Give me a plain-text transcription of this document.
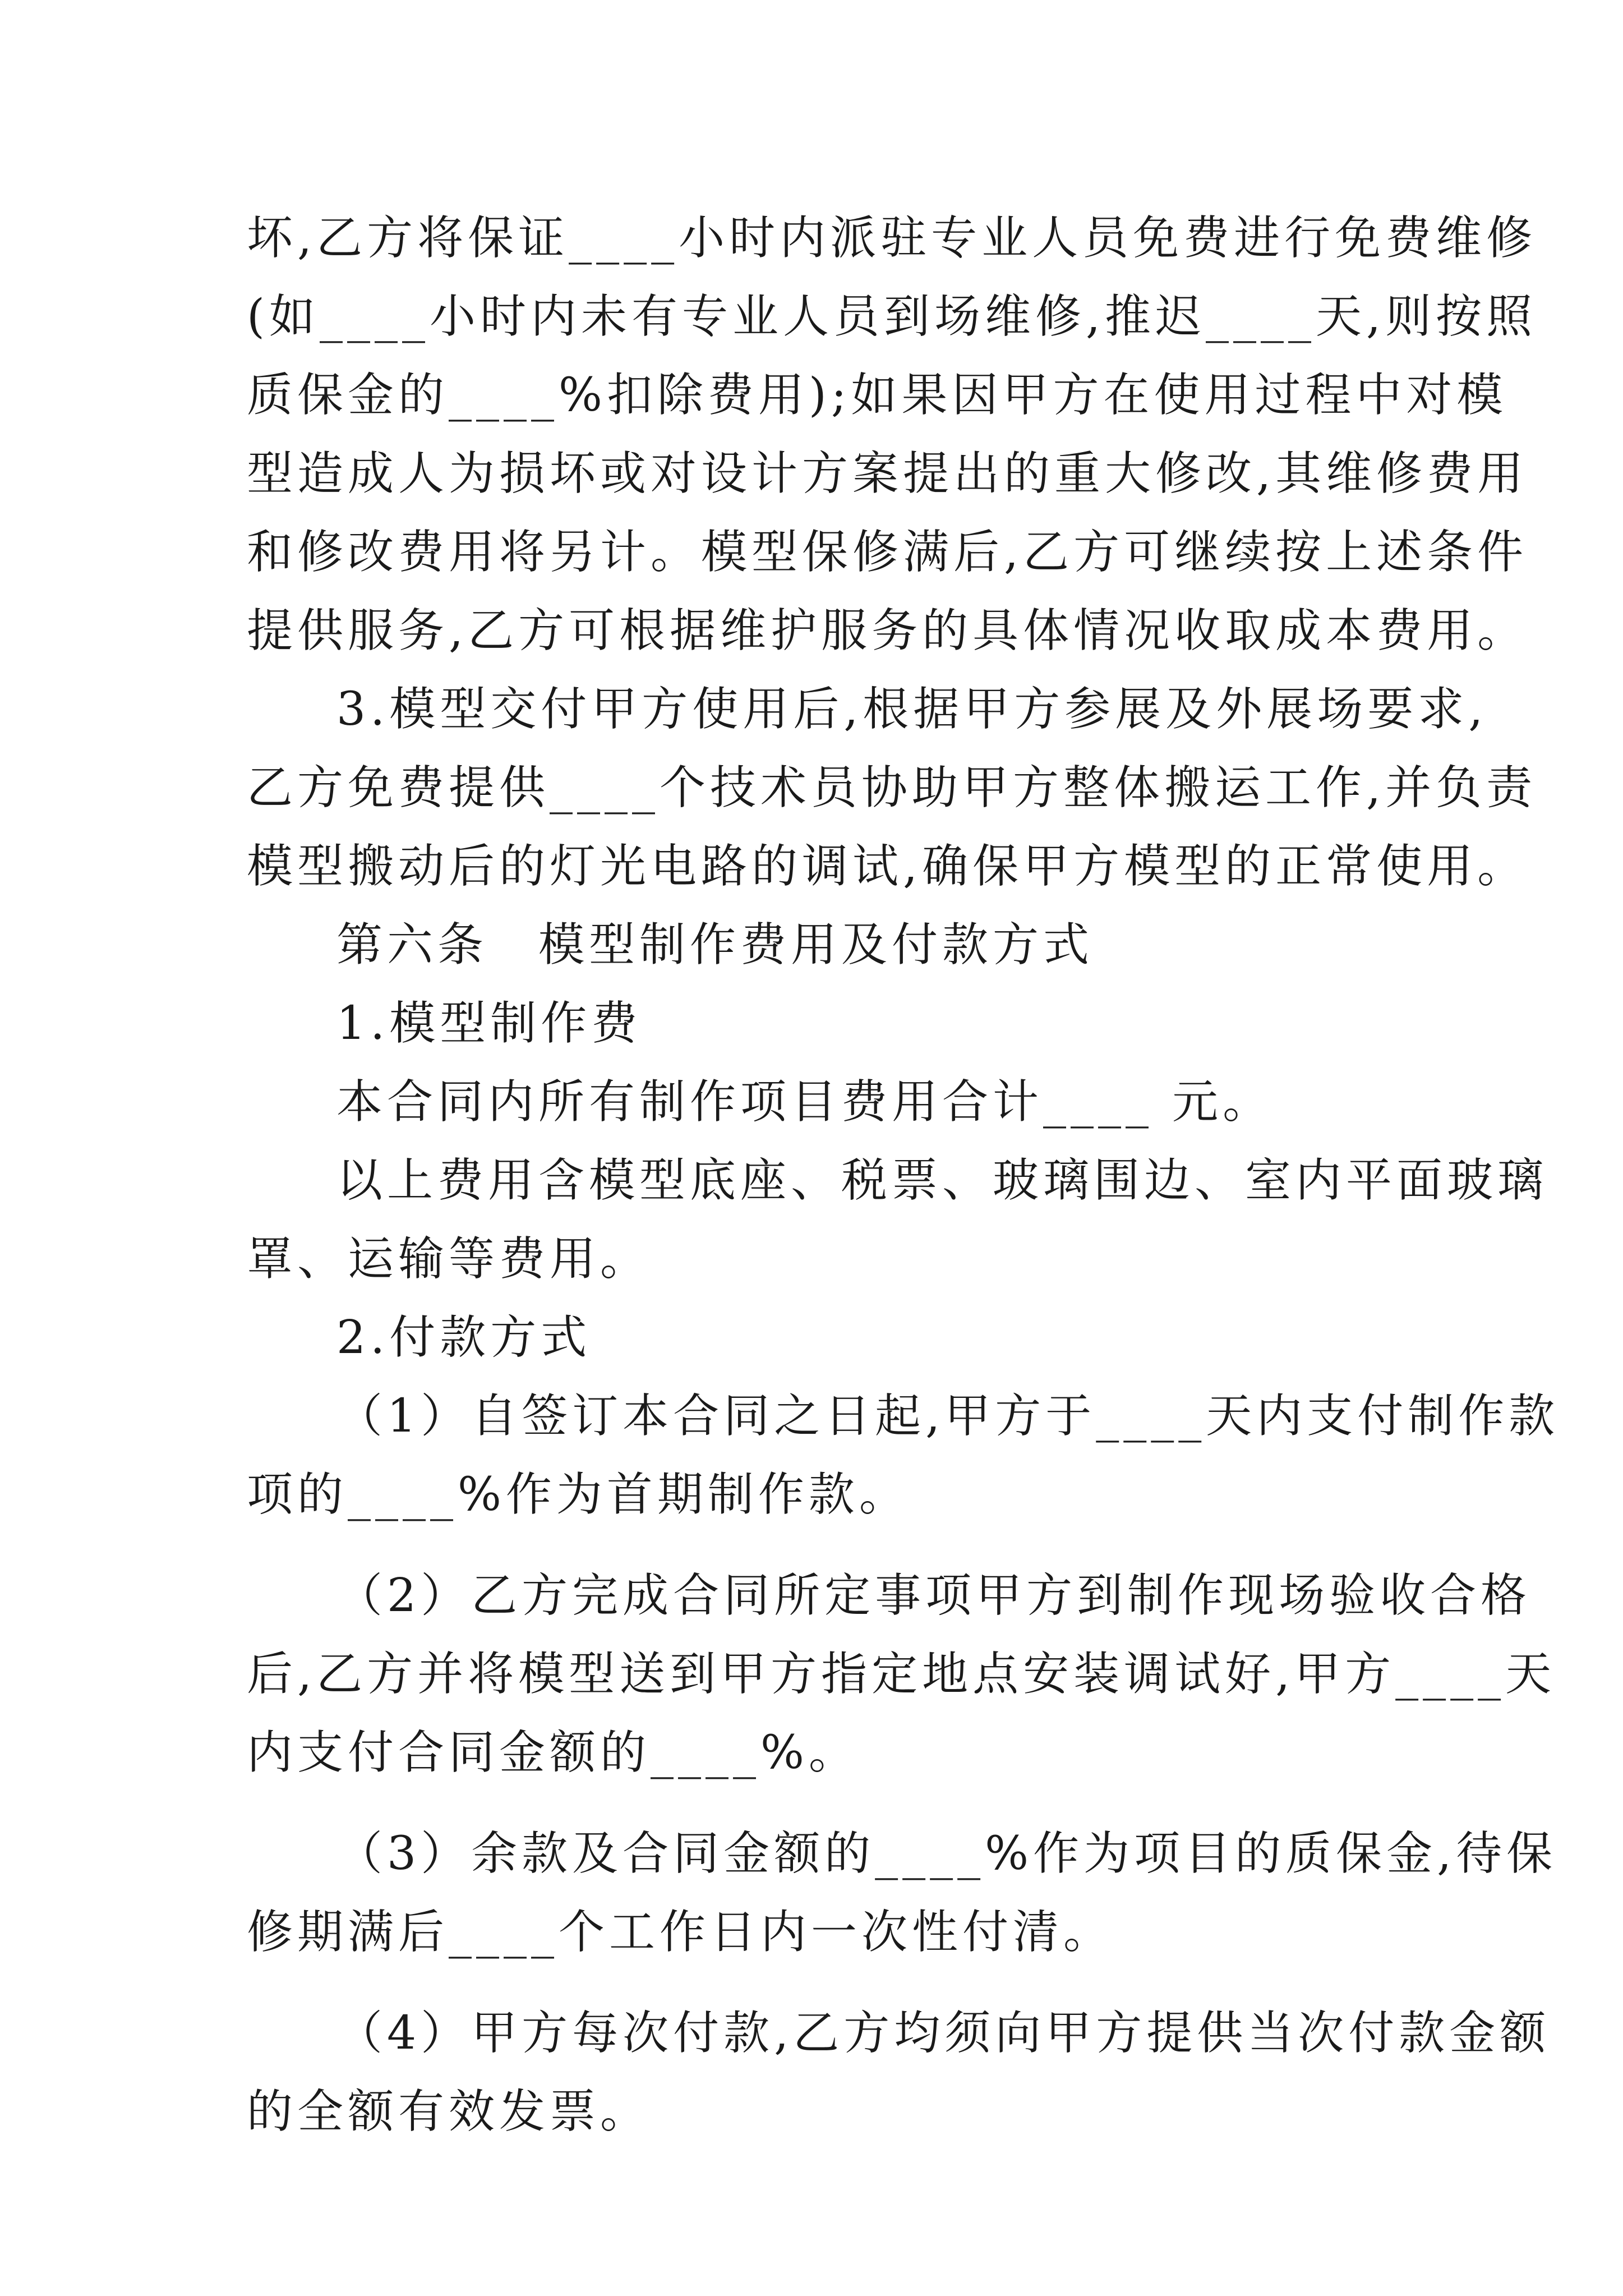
坏,乙方将保证____小时内派驻专业人员免费进行免费维修
(如____小时内未有专业人员到场维修,推迟____天,则按照
质保金的____%扣除费用);如果因甲方在使用过程中对模
型造成人为损坏或对设计方案提出的重大修改,其维修费用
和修改费用将另计。模型保修满后,乙方可继续按上述条件
提供服务,乙方可根据维护服务的具体情况收取成本费用。
3.模型交付甲方使用后,根据甲方参展及外展场要求,
乙方免费提供____个技术员协助甲方整体搬运工作,并负责
模型搬动后的灯光电路的调试,确保甲方模型的正常使用。
第六条　模型制作费用及付款方式
1.模型制作费
本合同内所有制作项目费用合计____ 元。
以上费用含模型底座、税票、玻璃围边、室内平面玻璃
罩、运输等费用。
2.付款方式
（1）自签订本合同之日起,甲方于____天内支付制作款
项的____%作为首期制作款。
（2）乙方完成合同所定事项甲方到制作现场验收合格
后,乙方并将模型送到甲方指定地点安装调试好,甲方____天
内支付合同金额的____%。
（3）余款及合同金额的____%作为项目的质保金,待保
修期满后____个工作日内一次性付清。
（4）甲方每次付款,乙方均须向甲方提供当次付款金额
的全额有效发票。
